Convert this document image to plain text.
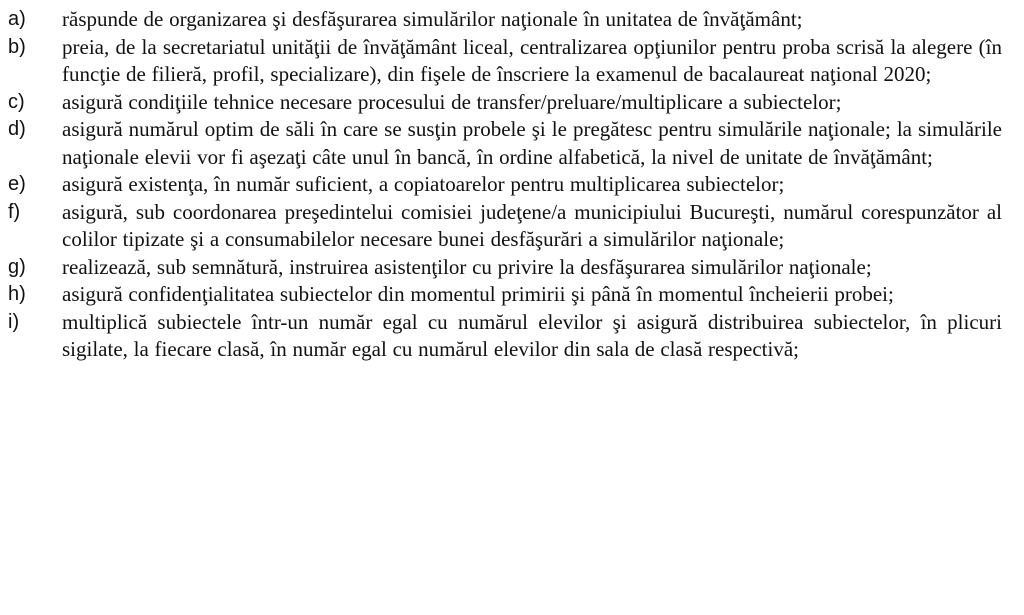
a)	răspunde de organizarea şi desfăşurarea simulărilor naţionale în unitatea de învăţământ;
b)	preia, de la secretariatul unităţii de învăţământ liceal, centralizarea opţiunilor pentru proba scrisă la alegere (în funcţie de filieră, profil, specializare), din fişele de înscriere la examenul de bacalaureat naţional 2020;
c)	asigură condiţiile tehnice necesare procesului de transfer/preluare/multiplicare a subiectelor;
d)	asigură numărul optim de săli în care se susţin probele şi le pregătesc pentru simulările naţionale; la simulările naţionale elevii vor fi aşezaţi câte unul în bancă, în ordine alfabetică, la nivel de unitate de învăţământ;
e)	asigură existenţa, în număr suficient, a copiatoarelor pentru multiplicarea subiectelor;
f)	asigură, sub coordonarea preşedintelui comisiei judeţene/a municipiului Bucureşti, numărul corespunzător al colilor tipizate şi a consumabilelor necesare bunei desfăşurări a simulărilor naţionale;
g)	realizează, sub semnătură, instruirea asistenţilor cu privire la desfăşurarea simulărilor naţionale;
h)	asigură confidenţialitatea subiectelor din momentul primirii şi până în momentul încheierii probei;
i)	multiplică subiectele într-un număr egal cu numărul elevilor şi asigură distribuirea subiectelor, în plicuri sigilate, la fiecare clasă, în număr egal cu numărul elevilor din sala de clasă respectivă;
